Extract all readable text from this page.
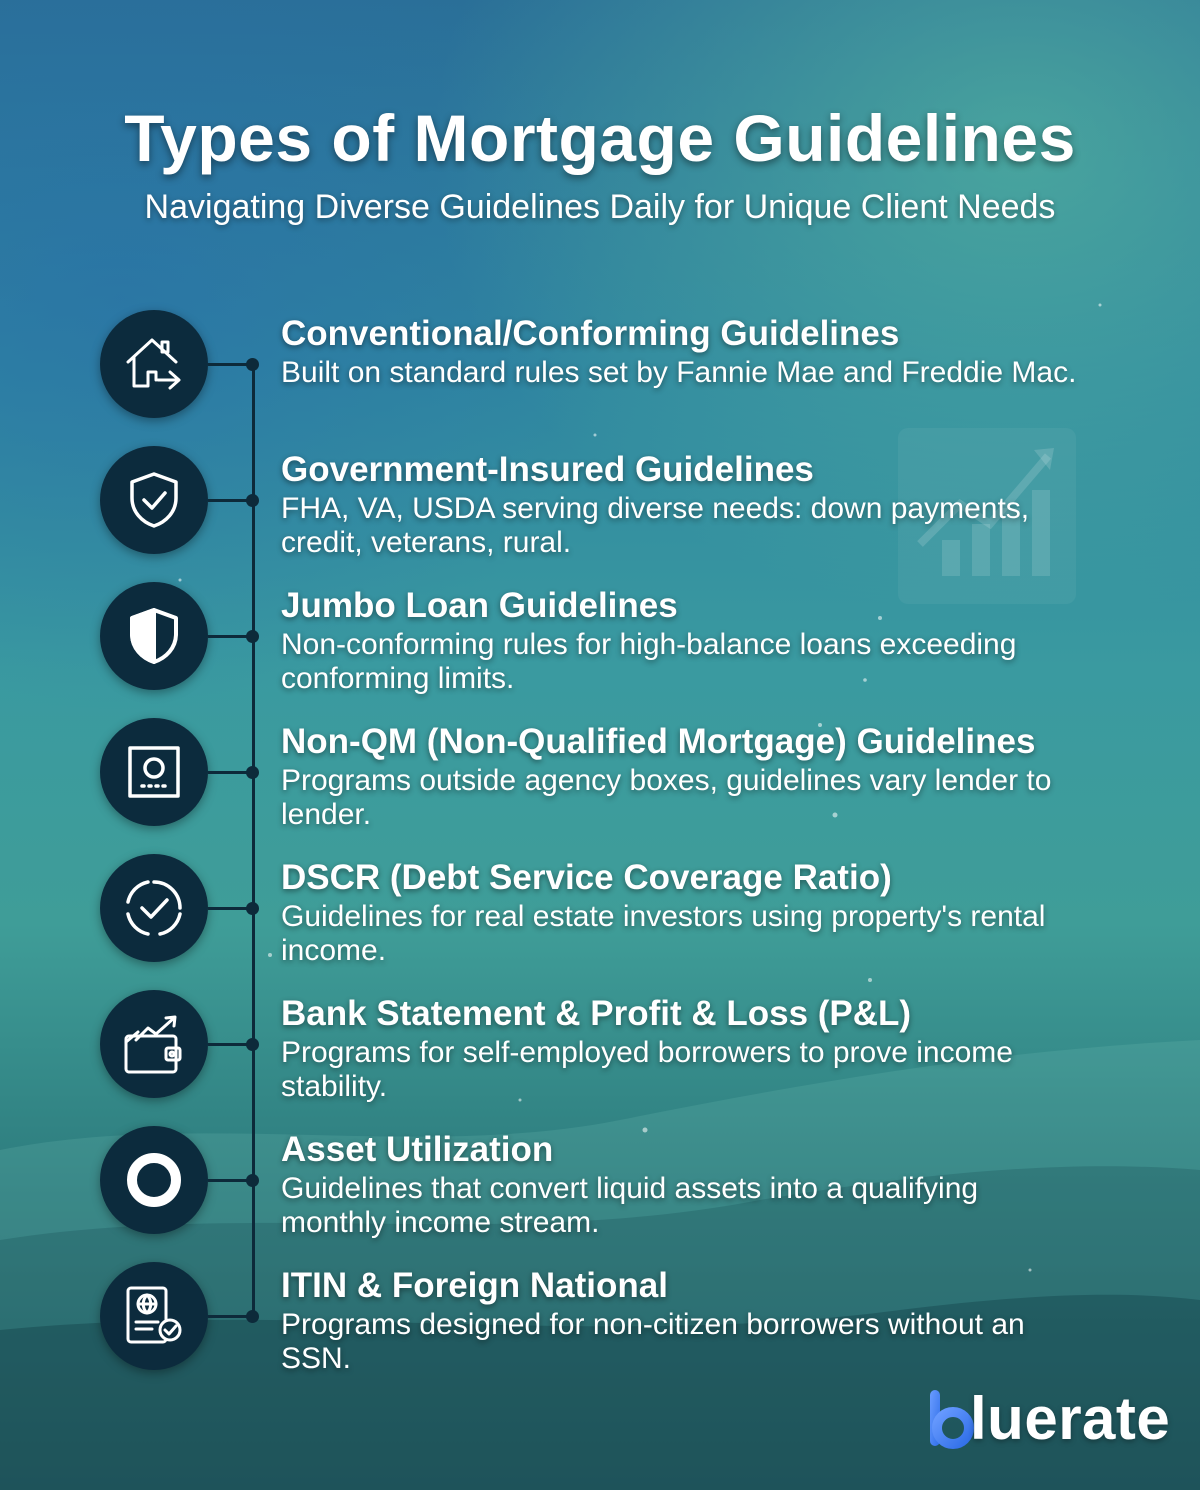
Types of Mortgage Guidelines
Navigating Diverse Guidelines Daily for Unique Client Needs
Conventional/Conforming Guidelines
Built on standard rules set by Fannie Mae and Freddie Mac.
Government-Insured Guidelines
FHA, VA, USDA serving diverse needs: down payments, credit, veterans, rural.
Jumbo Loan Guidelines
Non-conforming rules for high-balance loans exceeding conforming limits.
Non-QM (Non-Qualified Mortgage) Guidelines
Programs outside agency boxes, guidelines vary lender to lender.
DSCR (Debt Service Coverage Ratio)
Guidelines for real estate investors using property's rental income.
Bank Statement & Profit & Loss (P&L)
Programs for self-employed borrowers to prove income stability.
Asset Utilization
Guidelines that convert liquid assets into a qualifying monthly income stream.
ITIN & Foreign National
Programs designed for non-citizen borrowers without an SSN.
luerate
